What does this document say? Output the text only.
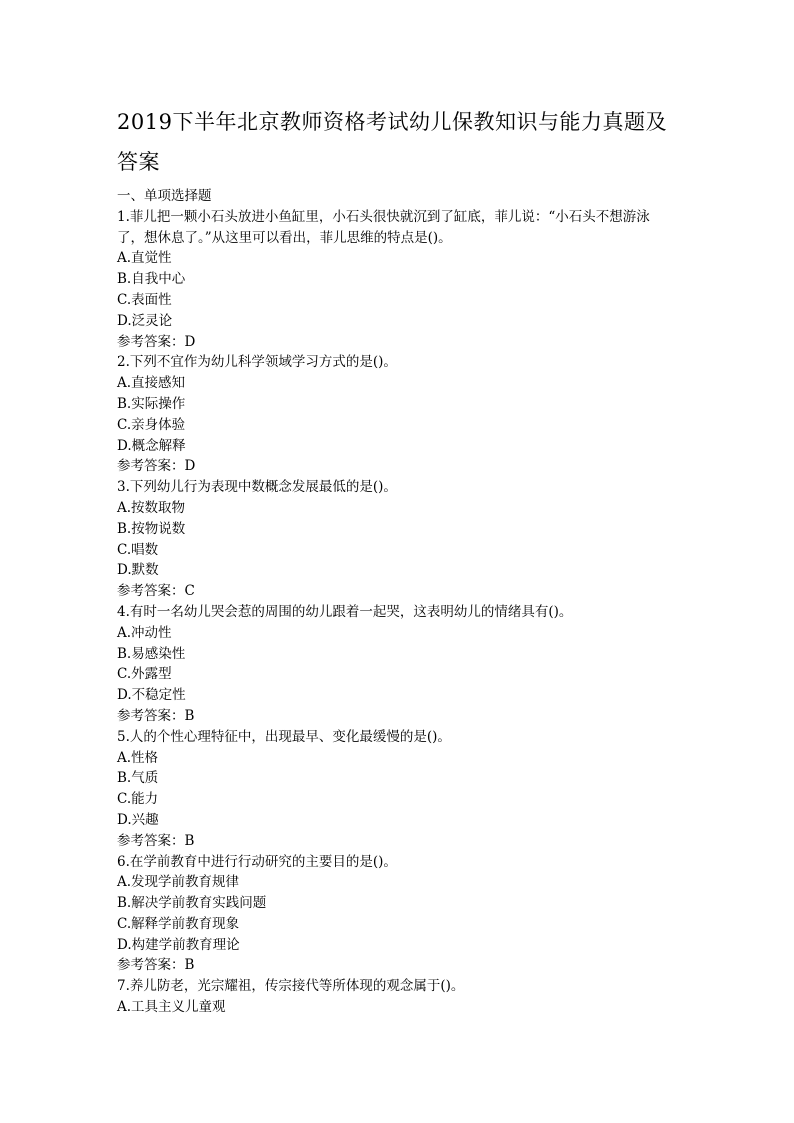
2019下半年北京教师资格考试幼儿保教知识与能力真题及
答案
一、单项选择题
1.菲儿把一颗小石头放进小鱼缸里，小石头很快就沉到了缸底，菲儿说：“小石头不想游泳
了，想休息了。”从这里可以看出，菲儿思维的特点是()。
A.直觉性
B.自我中心
C.表面性
D.泛灵论
参考答案：D
2.下列不宜作为幼儿科学领域学习方式的是()。
A.直接感知
B.实际操作
C.亲身体验
D.概念解释
参考答案：D
3.下列幼儿行为表现中数概念发展最低的是()。
A.按数取物
B.按物说数
C.唱数
D.默数
参考答案：C
4.有时一名幼儿哭会惹的周围的幼儿跟着一起哭，这表明幼儿的情绪具有()。
A.冲动性
B.易感染性
C.外露型
D.不稳定性
参考答案：B
5.人的个性心理特征中，出现最早、变化最缓慢的是()。
A.性格
B.气质
C.能力
D.兴趣
参考答案：B
6.在学前教育中进行行动研究的主要目的是()。
A.发现学前教育规律
B.解决学前教育实践问题
C.解释学前教育现象
D.构建学前教育理论
参考答案：B
7.养儿防老，光宗耀祖，传宗接代等所体现的观念属于()。
A.工具主义儿童观
